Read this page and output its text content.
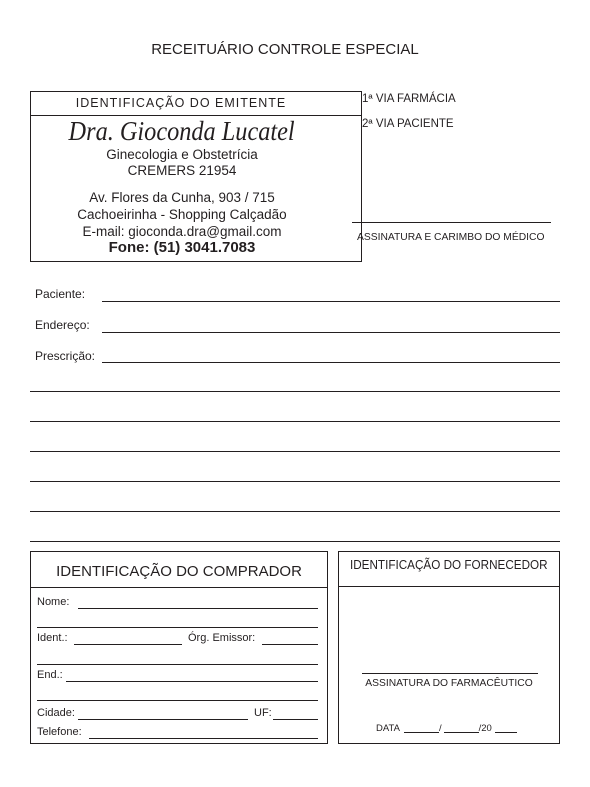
RECEITUÁRIO CONTROLE ESPECIAL
IDENTIFICAÇÃO DO EMITENTE
Dra. Gioconda Lucatel
Ginecologia e Obstetrícia
CREMERS 21954
Av. Flores da Cunha, 903 / 715
Cachoeirinha - Shopping Calçadão
E-mail: gioconda.dra@gmail.com
Fone: (51) 3041.7083
1ª VIA FARMÁCIA
2ª VIA PACIENTE
ASSINATURA E CARIMBO DO MÉDICO
Paciente:
Endereço:
Prescrição:
IDENTIFICAÇÃO DO COMPRADOR
Nome:
Ident.:	Órg. Emissor:
End.:
Cidade:	UF:
Telefone:
IDENTIFICAÇÃO DO FORNECEDOR
ASSINATURA DO FARMACÊUTICO
DATA	/	/20
